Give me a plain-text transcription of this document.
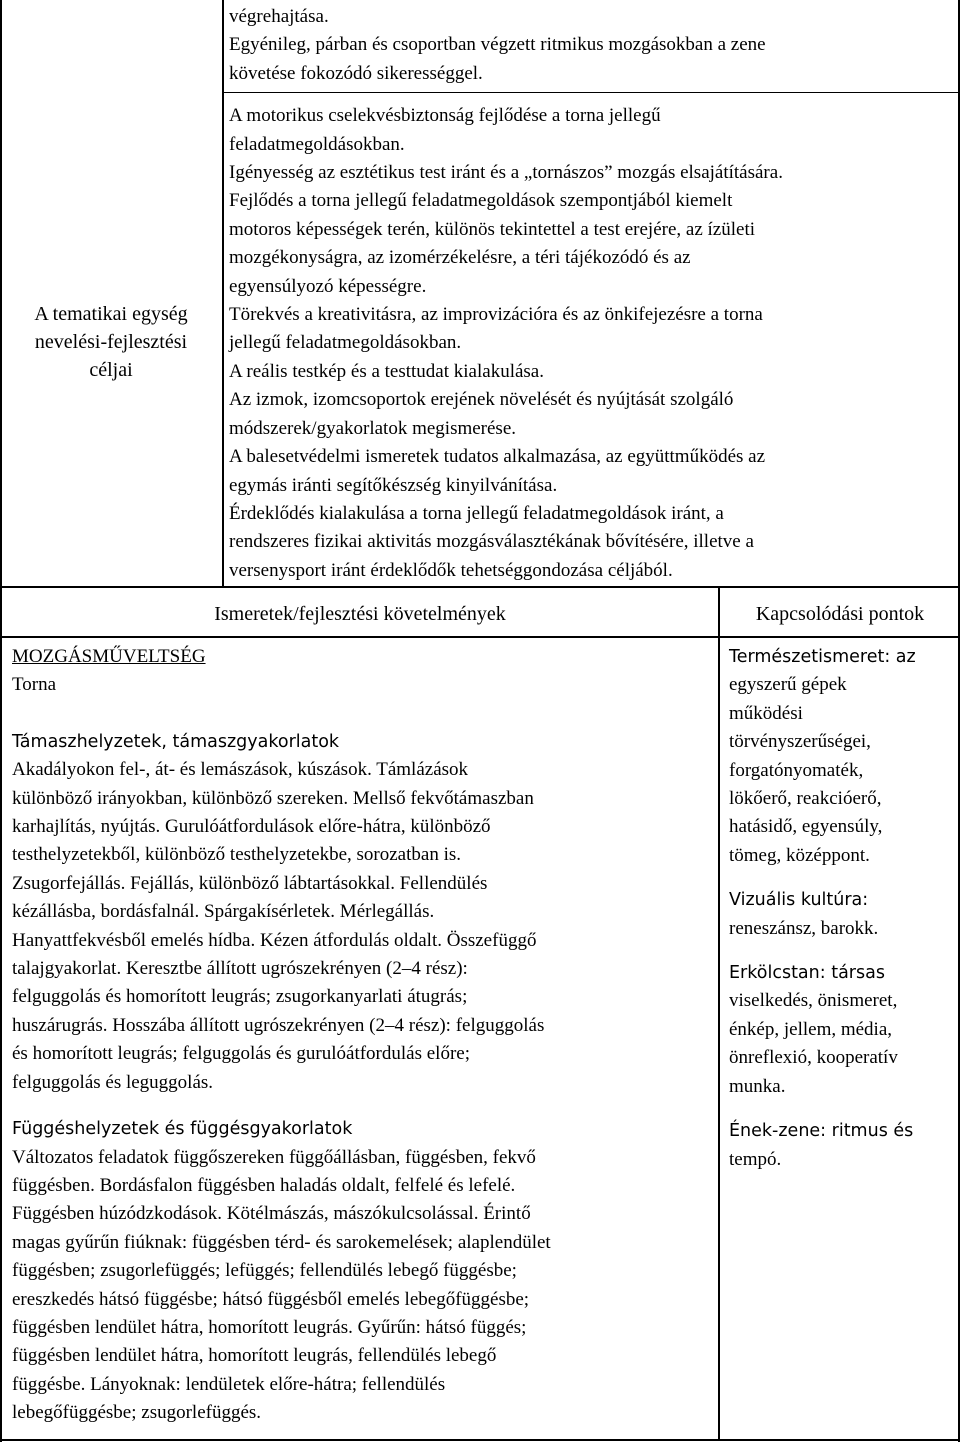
A tematikai egység
nevelési-fejlesztési
céljai
végrehajtása.
Egyénileg, párban és csoportban végzett ritmikus mozgásokban a zene
követése fokozódó sikerességgel.
A motorikus cselekvésbiztonság fejlődése a torna jellegű
feladatmegoldásokban.
Igényesség az esztétikus test iránt és a „tornászos” mozgás elsajátítására.
Fejlődés a torna jellegű feladatmegoldások szempontjából kiemelt
motoros képességek terén, különös tekintettel a test erejére, az ízületi
mozgékonyságra, az izomérzékelésre, a téri tájékozódó és az
egyensúlyozó képességre.
Törekvés a kreativitásra, az improvizációra és az önkifejezésre a torna
jellegű feladatmegoldásokban.
A reális testkép és a testtudat kialakulása.
Az izmok, izomcsoportok erejének növelését és nyújtását szolgáló
módszerek/gyakorlatok megismerése.
A balesetvédelmi ismeretek tudatos alkalmazása, az együttműködés az
egymás iránti segítőkészség kinyilvánítása.
Érdeklődés kialakulása a torna jellegű feladatmegoldások iránt, a
rendszeres fizikai aktivitás mozgásválasztékának bővítésére, illetve a
versenysport iránt érdeklődők tehetséggondozása céljából.
Ismeretek/fejlesztési követelmények	Kapcsolódási pontok
MOZGÁSMŰVELTSÉG
Torna
Támaszhelyzetek, támaszgyakorlatok
Akadályokon fel-, át- és lemászások, kúszások. Támlázások
különböző irányokban, különböző szereken. Mellső fekvőtámaszban
karhajlítás, nyújtás. Gurulóátfordulások előre-hátra, különböző
testhelyzetekből, különböző testhelyzetekbe, sorozatban is.
Zsugorfejállás. Fejállás, különböző lábtartásokkal. Fellendülés
kézállásba, bordásfalnál. Spárgakísérletek. Mérlegállás.
Hanyattfekvésből emelés hídba. Kézen átfordulás oldalt. Összefüggő
talajgyakorlat. Keresztbe állított ugrószekrényen (2–4 rész):
felguggolás és homorított leugrás; zsugorkanyarlati átugrás;
huszárugrás. Hosszába állított ugrószekrényen (2–4 rész): felguggolás
és homorított leugrás; felguggolás és gurulóátfordulás előre;
felguggolás és leguggolás.
Függéshelyzetek és függésgyakorlatok
Változatos feladatok függőszereken függőállásban, függésben, fekvő
függésben. Bordásfalon függésben haladás oldalt, felfelé és lefelé.
Függésben húzódzkodások. Kötélmászás, mászókulcsolással. Érintő
magas gyűrűn fiúknak: függésben térd- és sarokemelések; alaplendület
függésben; zsugorlefüggés; lefüggés; fellendülés lebegő függésbe;
ereszkedés hátsó függésbe; hátsó függésből emelés lebegőfüggésbe;
függésben lendület hátra, homorított leugrás. Gyűrűn: hátsó függés;
függésben lendület hátra, homorított leugrás, fellendülés lebegő
függésbe. Lányoknak: lendületek előre-hátra; fellendülés
lebegőfüggésbe; zsugorlefüggés.
Természetismeret: az
egyszerű gépek
működési
törvényszerűségei,
forgatónyomaték,
lökőerő, reakcióerő,
hatásidő, egyensúly,
tömeg, középpont.
Vizuális kultúra:
reneszánsz, barokk.
Erkölcstan: társas
viselkedés, önismeret,
énkép, jellem, média,
önreflexió, kooperatív
munka.
Ének-zene: ritmus és
tempó.
